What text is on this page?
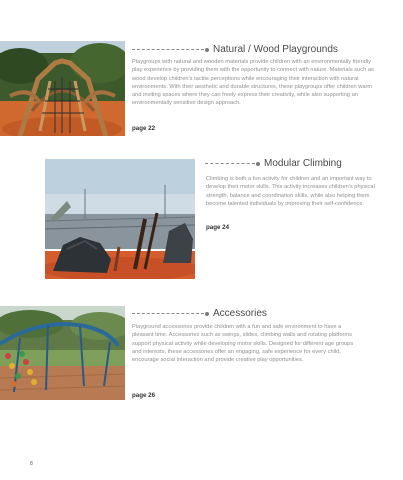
Natural / Wood Playgrounds
Playgroups with natural and wooden materials provide children with an environmentally friendly play experience by providing them with the opportunity to connect with nature. Materials such as wood develop children's tactile perceptions while encouraging their interaction with natural environments. With their aesthetic and durable structures, these playgroups offer children warm and inviting spaces where they can freely express their creativity, while also supporting an environmentally sensitive design approach.
page 22
Modular Climbing
Climbing is both a fun activity for children and an important way to develop their motor skills. This activity increases children's physical strength, balance and coordination skills, while also helping them become talented individuals by improving their self-confidence.
page 24
Accessories
Playground accessories provide children with a fun and safe environment to have a pleasant time. Accessories such as swings, slides, climbing walls and rotating platforms support physical activity while developing motor skills. Designed for different age groups and interests, these accessories offer an engaging, safe experience for every child, encourage social interaction and provide creative play opportunities.
page 26
8
